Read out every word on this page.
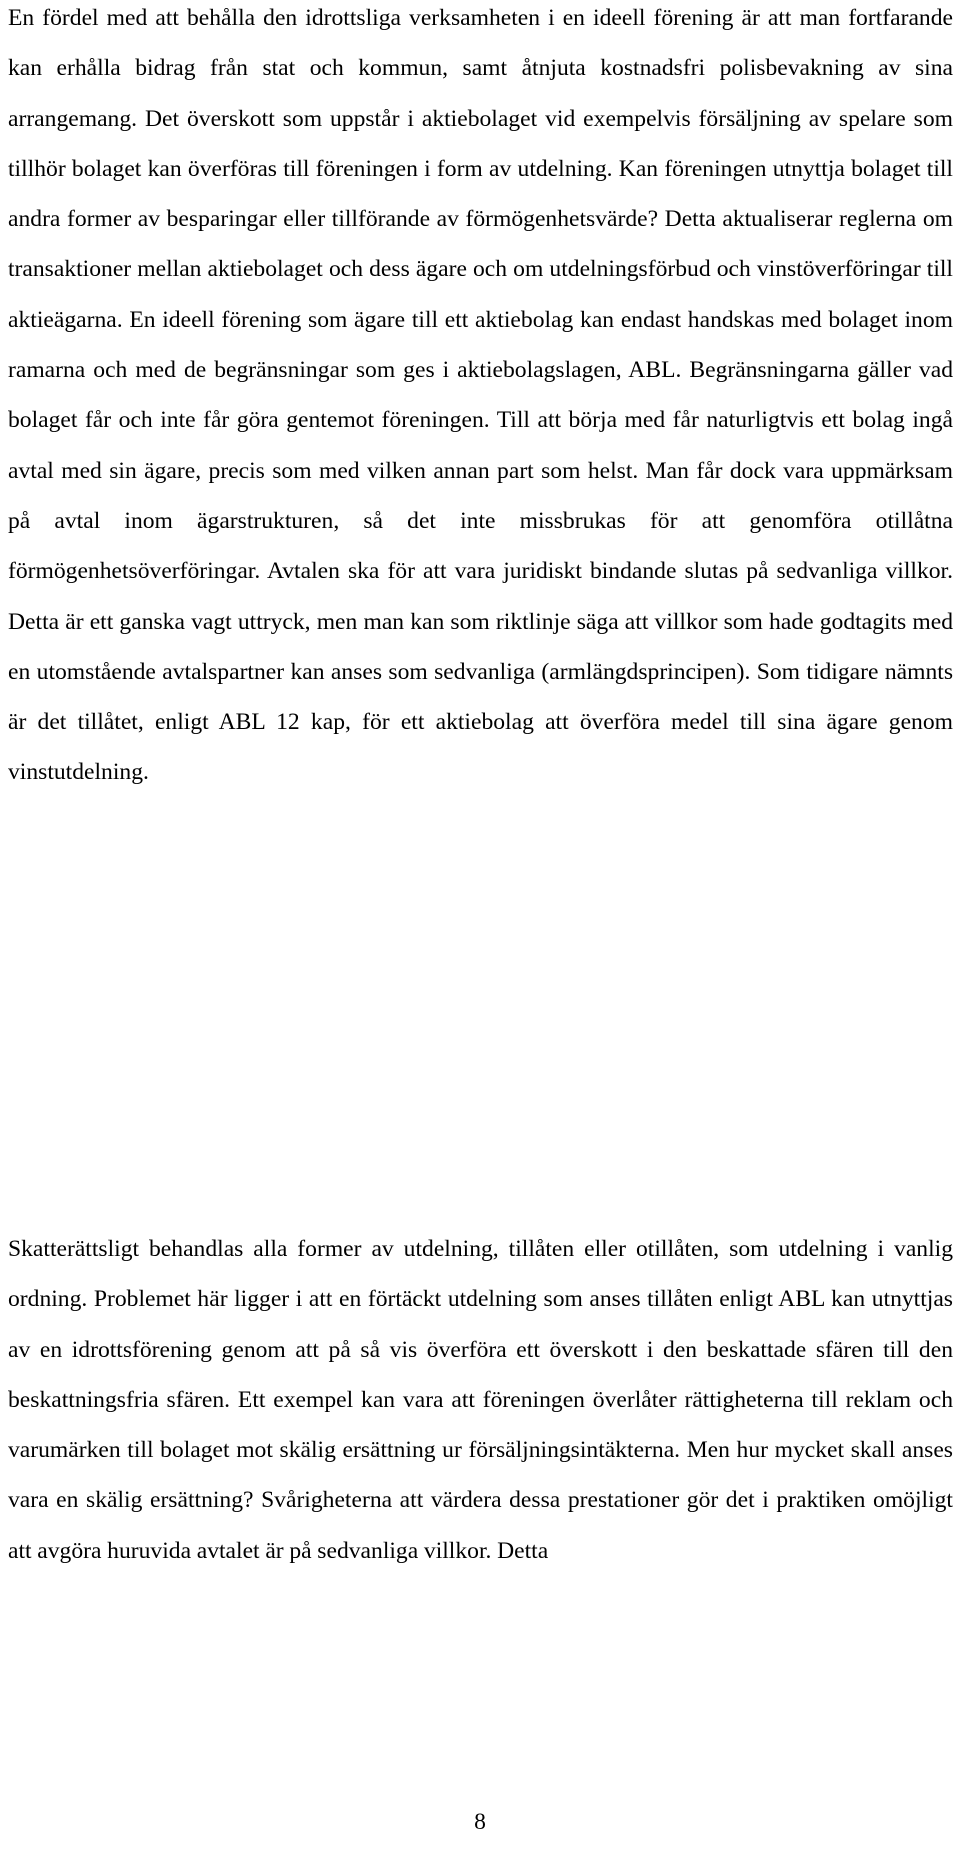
En fördel med att behålla den idrottsliga verksamheten i en ideell förening är att man fortfarande kan erhålla bidrag från stat och kommun, samt åtnjuta kostnadsfri polisbevakning av sina arrangemang. Det överskott som uppstår i aktiebolaget vid exempelvis försäljning av spelare som tillhör bolaget kan överföras till föreningen i form av utdelning. Kan föreningen utnyttja bolaget till andra former av besparingar eller tillförande av förmögenhetsvärde? Detta aktualiserar reglerna om transaktioner mellan aktiebolaget och dess ägare och om utdelningsförbud och vinstöverföringar till aktieägarna. En ideell förening som ägare till ett aktiebolag kan endast handskas med bolaget inom ramarna och med de begränsningar som ges i aktiebolagslagen, ABL. Begränsningarna gäller vad bolaget får och inte får göra gentemot föreningen. Till att börja med får naturligtvis ett bolag ingå avtal med sin ägare, precis som med vilken annan part som helst. Man får dock vara uppmärksam på avtal inom ägarstrukturen, så det inte missbrukas för att genomföra otillåtna förmögenhetsöverföringar. Avtalen ska för att vara juridiskt bindande slutas på sedvanliga villkor. Detta är ett ganska vagt uttryck, men man kan som riktlinje säga att villkor som hade godtagits med en utomstående avtalspartner kan anses som sedvanliga (armlängdsprincipen). Som tidigare nämnts är det tillåtet, enligt ABL 12 kap, för ett aktiebolag att överföra medel till sina ägare genom vinstutdelning.

Skatterättsligt behandlas alla former av utdelning, tillåten eller otillåten, som utdelning i vanlig ordning. Problemet här ligger i att en förtäckt utdelning som anses tillåten enligt ABL kan utnyttjas av en idrottsförening genom att på så vis överföra ett överskott i den beskattade sfären till den beskattningsfria sfären. Ett exempel kan vara att föreningen överlåter rättigheterna till reklam och varumärken till bolaget mot skälig ersättning ur försäljningsintäkterna. Men hur mycket skall anses vara en skälig ersättning? Svårigheterna att värdera dessa prestationer gör det i praktiken omöjligt att avgöra huruvida avtalet är på sedvanliga villkor. Detta

8
